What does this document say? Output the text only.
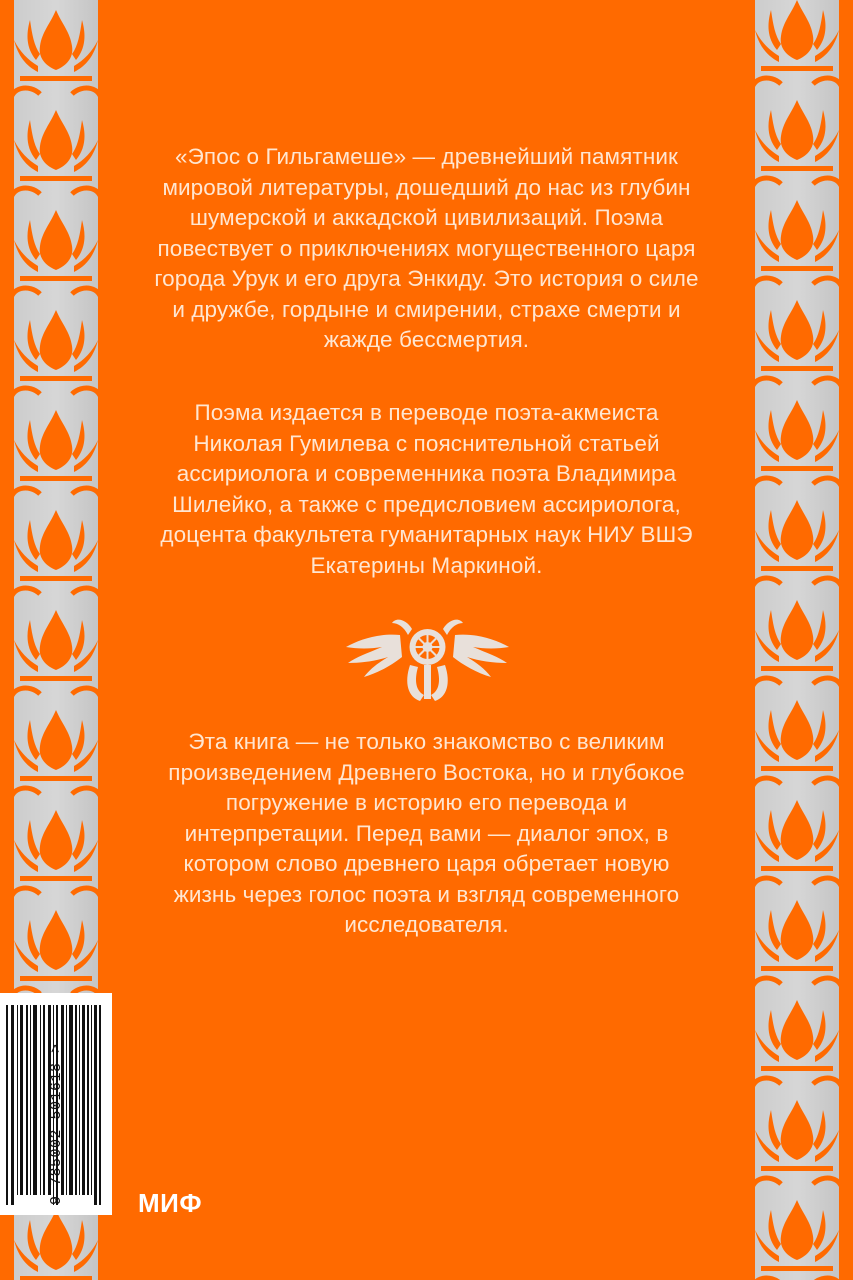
«Эпос о Гильгамеше» — древнейший памятник мировой литературы, дошедший до нас из глубин шумерской и аккадской цивилизаций. Поэма повествует о приключениях могущественного царя города Урук и его друга Энкиду. Это история о силе и дружбе, гордыне и смирении, страхе смерти и жажде бессмертия.

Поэма издается в переводе поэта-акмеиста Николая Гумилева с пояснительной статьей ассириолога и современника поэта Владимира Шилейко, а также с предисловием ассириолога, доцента факультета гуманитарных наук НИУ ВШЭ Екатерины Маркиной.

Эта книга — не только знакомство с великим произведением Древнего Востока, но и глубокое погружение в историю его перевода и интерпретации. Перед вами — диалог эпох, в котором слово древнего царя обретает новую жизнь через голос поэта и взгляд современного исследователя.

9 785002 501618 >	МИФ
